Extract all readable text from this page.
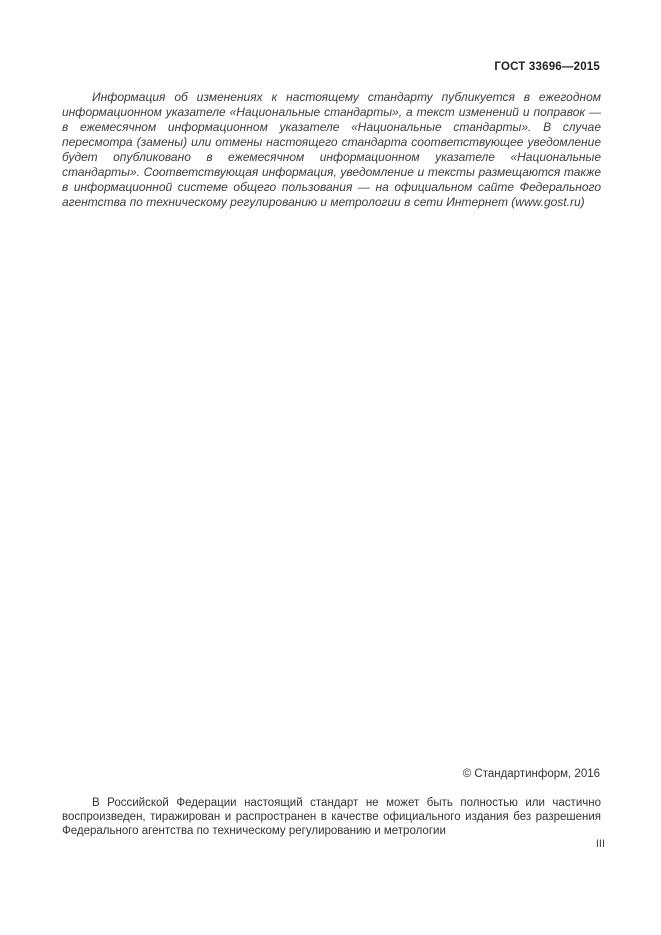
ГОСТ 33696—2015

Информация об изменениях к настоящему стандарту публикуется в ежегодном информационном указателе «Национальные стандарты», а текст изменений и поправок — в ежемесячном информационном указателе «Национальные стандарты». В случае пересмотра (замены) или отмены настоящего стандарта соответствующее уведомление будет опубликовано в ежемесячном информационном указателе «Национальные стандарты». Соответствующая информация, уведомление и тексты размещаются также в информационной системе общего пользования — на официальном сайте Федерального агентства по техническому регулированию и метрологии в сети Интернет (www.gost.ru)

© Стандартинформ, 2016

В Российской Федерации настоящий стандарт не может быть полностью или частично воспроизведен, тиражирован и распространен в качестве официального издания без разрешения Федерального агентства по техническому регулированию и метрологии

III
